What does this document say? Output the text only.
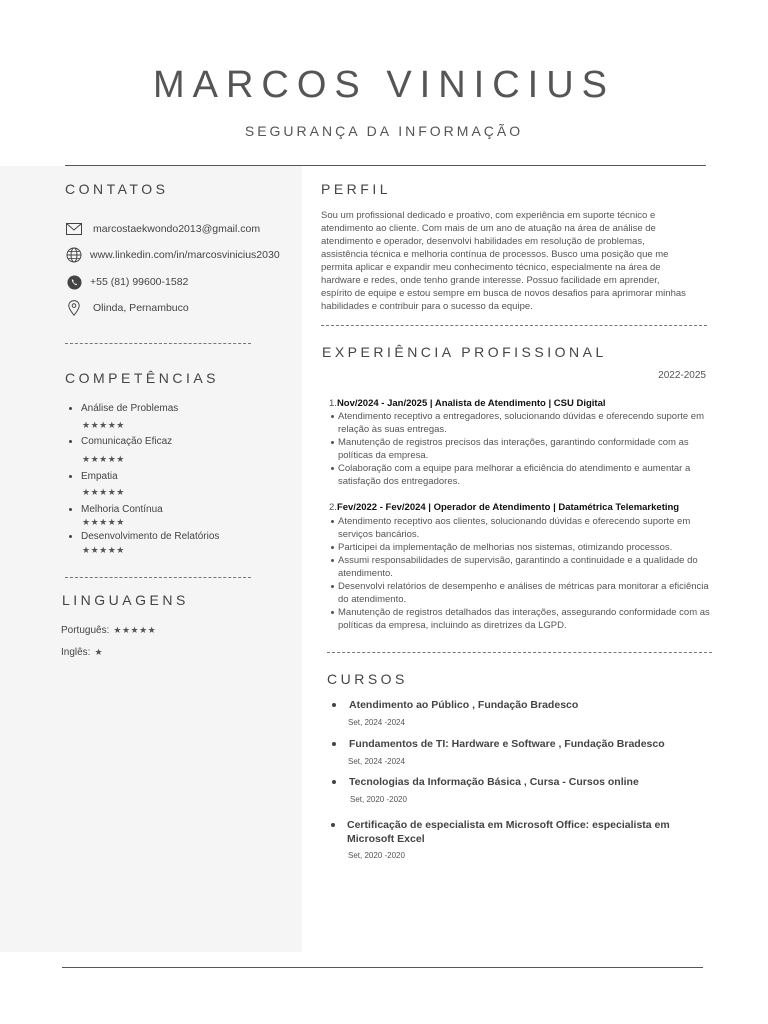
MARCOS VINICIUS
SEGURANÇA DA INFORMAÇÃO
CONTATOS
marcostaekwondo2013@gmail.com
www.linkedin.com/in/marcosvinicius2030
+55 (81) 99600-1582
Olinda, Pernambuco
COMPETÊNCIAS
Análise de Problemas
★★★★★
Comunicação Eficaz
★★★★★
Empatia
★★★★★
Melhoria Contínua
★★★★★
Desenvolvimento de Relatórios
★★★★★
LINGUAGENS
Português: ★★★★★
Inglês: ★
PERFIL
Sou um profissional dedicado e proativo, com experiência em suporte técnico e atendimento ao cliente. Com mais de um ano de atuação na área de análise de atendimento e operador, desenvolvi habilidades em resolução de problemas, assistência técnica e melhoria contínua de processos. Busco uma posição que me permita aplicar e expandir meu conhecimento técnico, especialmente na área de hardware e redes, onde tenho grande interesse. Possuo facilidade em aprender, espírito de equipe e estou sempre em busca de novos desafios para aprimorar minhas habilidades e contribuir para o sucesso da equipe.
EXPERIÊNCIA PROFISSIONAL
2022-2025
1.Nov/2024 - Jan/2025 | Analista de Atendimento | CSU Digital
Atendimento receptivo a entregadores, solucionando dúvidas e oferecendo suporte em relação às suas entregas.
Manutenção de registros precisos das interações, garantindo conformidade com as políticas da empresa.
Colaboração com a equipe para melhorar a eficiência do atendimento e aumentar a satisfação dos entregadores.
2.Fev/2022 - Fev/2024 | Operador de Atendimento | Datamétrica Telemarketing
Atendimento receptivo aos clientes, solucionando dúvidas e oferecendo suporte em serviços bancários.
Participei da implementação de melhorias nos sistemas, otimizando processos.
Assumi responsabilidades de supervisão, garantindo a continuidade e a qualidade do atendimento.
Desenvolvi relatórios de desempenho e análises de métricas para monitorar a eficiência do atendimento.
Manutenção de registros detalhados das interações, assegurando conformidade com as políticas da empresa, incluindo as diretrizes da LGPD.
CURSOS
Atendimento ao Público , Fundação Bradesco
Set, 2024 -2024
Fundamentos de TI: Hardware e Software , Fundação Bradesco
Set, 2024 -2024
Tecnologias da Informação Básica , Cursa - Cursos online
Set, 2020 -2020
Certificação de especialista em Microsoft Office: especialista em Microsoft Excel
Set, 2020 -2020
